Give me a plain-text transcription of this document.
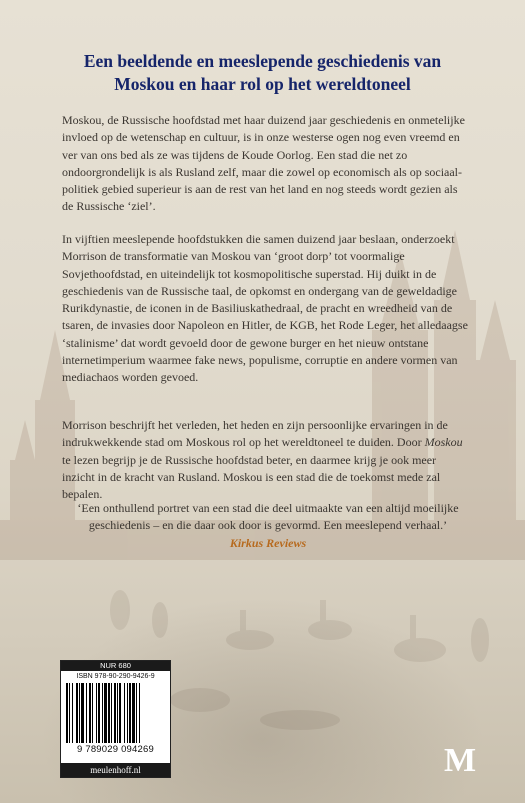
Een beeldende en meeslepende geschiedenis van
Moskou en haar rol op het wereldtoneel
Moskou, de Russische hoofdstad met haar duizend jaar geschiedenis en onmetelijke invloed op de wetenschap en cultuur, is in onze westerse ogen nog even vreemd en ver van ons bed als ze was tijdens de Koude Oorlog. Een stad die net zo ondoorgrondelijk is als Rusland zelf, maar die zowel op economisch als op sociaal-politiek gebied superieur is aan de rest van het land en nog steeds wordt gezien als de Russische ‘ziel’.
In vijftien meeslepende hoofdstukken die samen duizend jaar beslaan, onderzoekt Morrison de transformatie van Moskou van ‘groot dorp’ tot voormalige Sovjethoofdstad, en uiteindelijk tot kosmopolitische superstad. Hij duikt in de geschiedenis van de Russische taal, de opkomst en ondergang van de geweldadige Rurikdynastie, de iconen in de Basiliuskathedraal, de pracht en wreedheid van de tsaren, de invasies door Napoleon en Hitler, de KGB, het Rode Leger, het alledaagse ‘stalinisme’ dat wordt gevoeld door de gewone burger en het nieuw ontstane internetimperium waarmee fake news, populisme, corruptie en andere vormen van mediachaos worden gevoed.
Morrison beschrijft het verleden, het heden en zijn persoonlijke ervaringen in de indrukwekkende stad om Moskous rol op het wereldtoneel te duiden. Door Moskou te lezen begrijp je de Russische hoofdstad beter, en daarmee krijg je ook meer inzicht in de kracht van Rusland. Moskou is een stad die de toekomst mede zal bepalen.
‘Een onthullend portret van een stad die deel uitmaakte van een altijd moeilijke geschiedenis – en die daar ook door is gevormd. Een meeslepend verhaal.’
Kirkus Reviews
NUR 680
ISBN 978-90-290-9426-9
9 789029 094269
meulenhoff.nl	M
